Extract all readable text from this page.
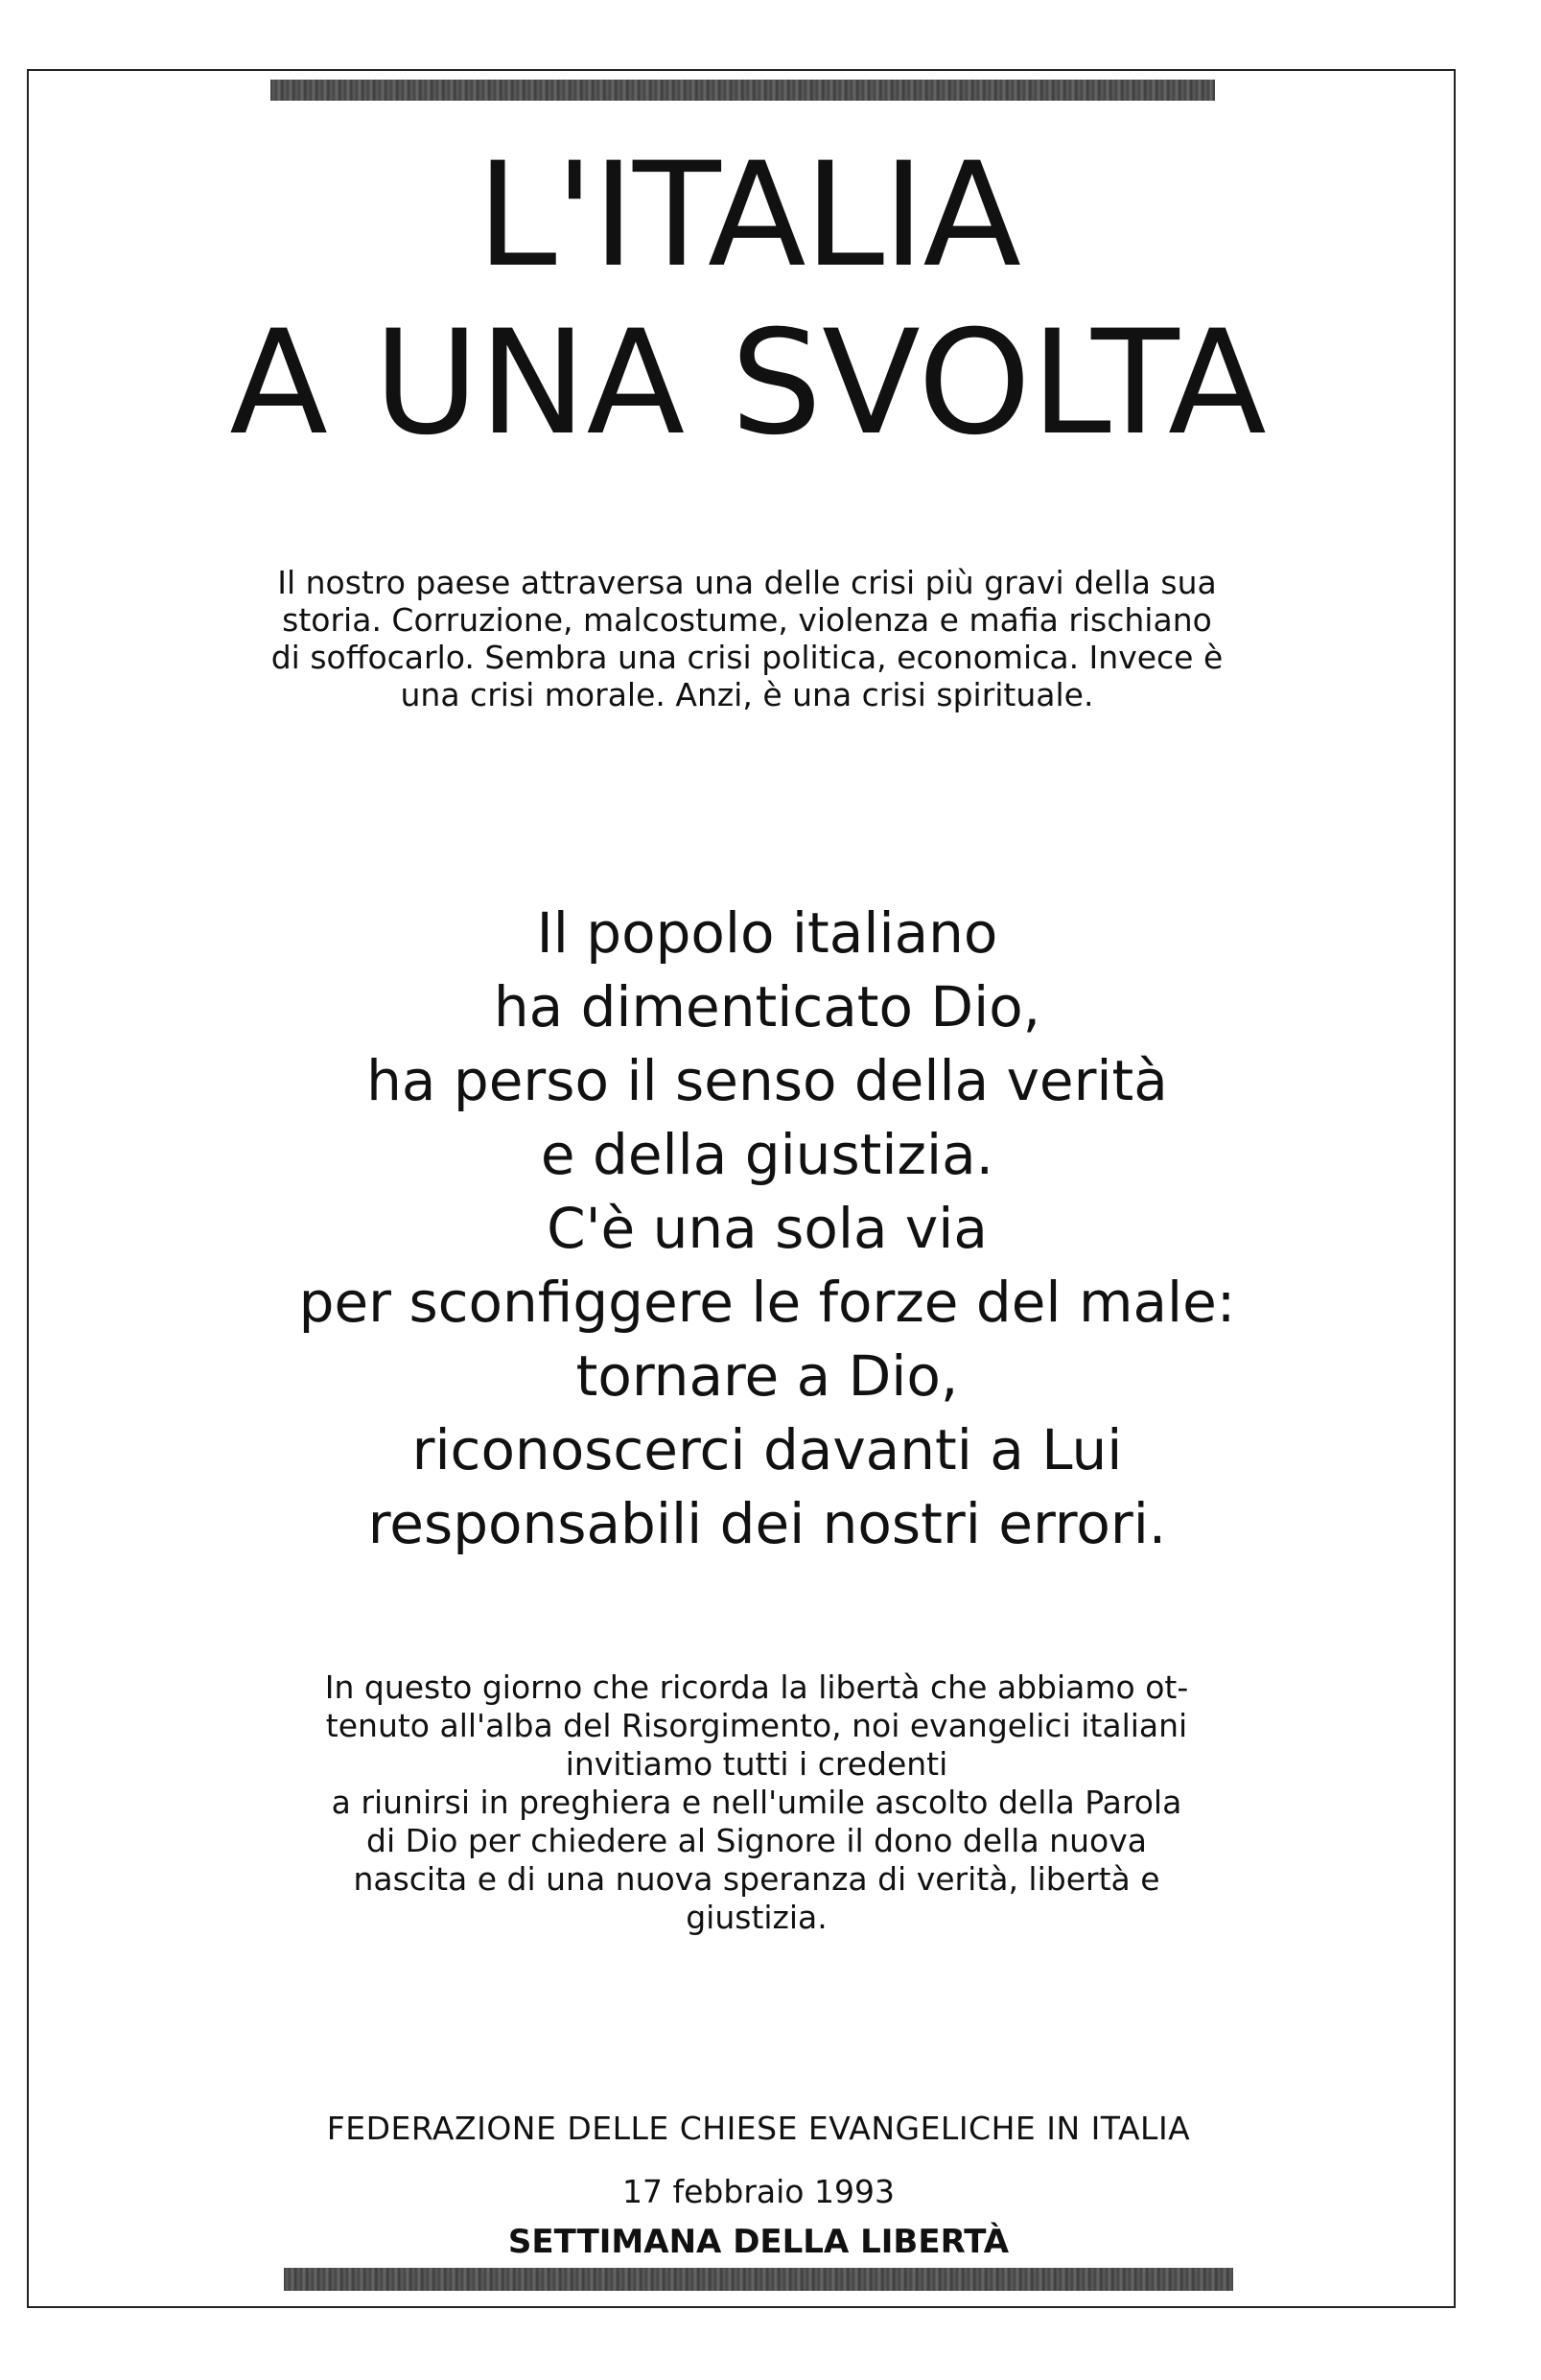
L'ITALIA
A UNA SVOLTA

Il nostro paese attraversa una delle crisi più gravi della sua storia. Corruzione, malcostume, violenza e mafia rischiano di soffocarlo. Sembra una crisi politica, economica. Invece è una crisi morale. Anzi, è una crisi spirituale.

Il popolo italiano
ha dimenticato Dio,
ha perso il senso della verità
e della giustizia.
C'è una sola via
per sconfiggere le forze del male:
tornare a Dio,
riconoscerci davanti a Lui
responsabili dei nostri errori.
In questo giorno che ricorda la libertà che abbiamo ot-
tenuto all'alba del Risorgimento, noi evangelici italiani
invitiamo tutti i credenti
a riunirsi in preghiera e nell'umile ascolto della Parola
di Dio per chiedere al Signore il dono della nuova
nascita e di una nuova speranza di verità, libertà e
giustizia.

FEDERAZIONE DELLE CHIESE EVANGELICHE IN ITALIA

17 febbraio 1993

SETTIMANA DELLA LIBERTÀ
